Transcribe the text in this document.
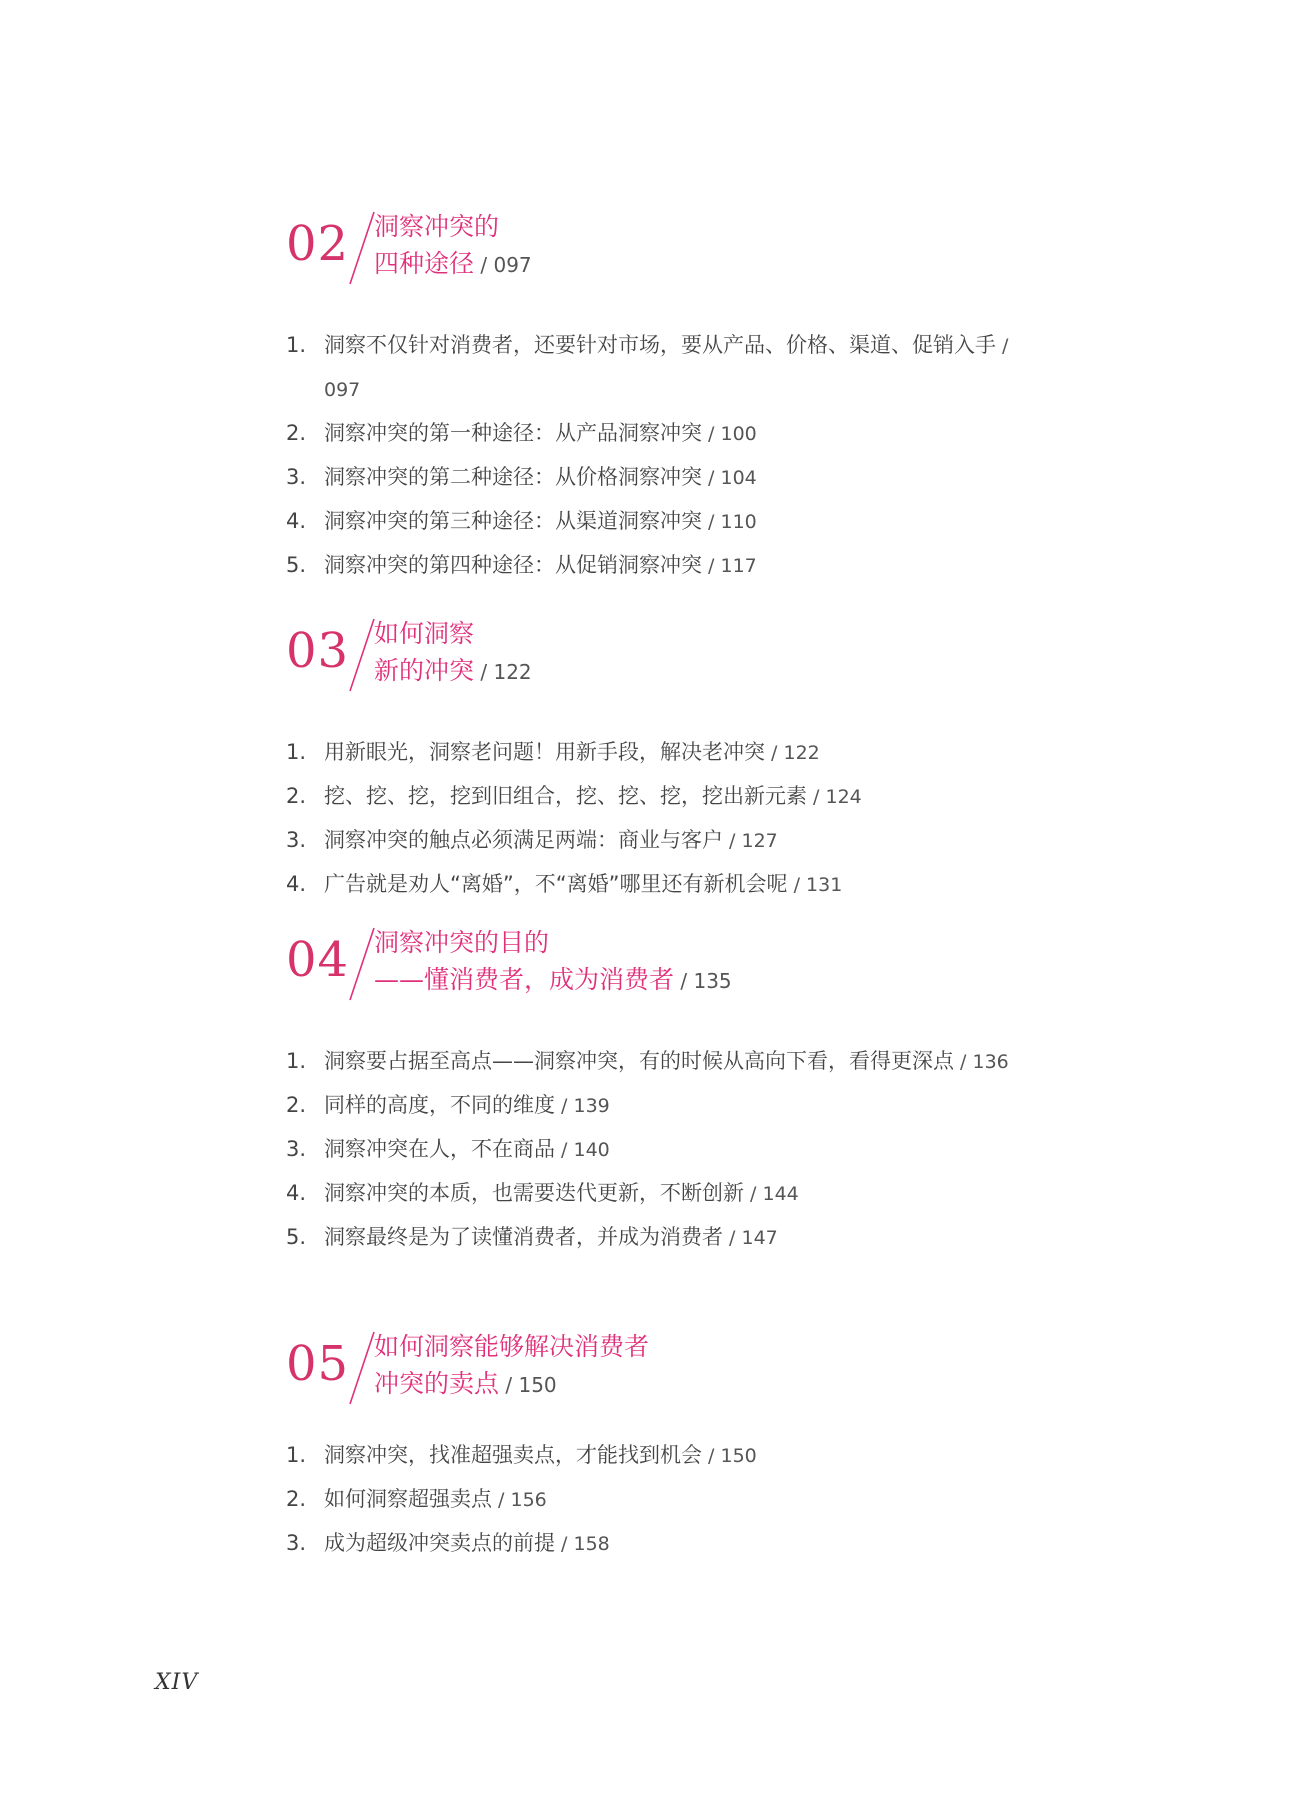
02 洞察冲突的
四种途径 / 097
1. 洞察不仅针对消费者，还要针对市场，要从产品、价格、渠道、促销入手 / 097
2. 洞察冲突的第一种途径：从产品洞察冲突 / 100
3. 洞察冲突的第二种途径：从价格洞察冲突 / 104
4. 洞察冲突的第三种途径：从渠道洞察冲突 / 110
5. 洞察冲突的第四种途径：从促销洞察冲突 / 117
03 如何洞察
新的冲突 / 122
1. 用新眼光，洞察老问题！用新手段，解决老冲突 / 122
2. 挖、挖、挖，挖到旧组合，挖、挖、挖，挖出新元素 / 124
3. 洞察冲突的触点必须满足两端：商业与客户 / 127
4. 广告就是劝人“离婚”，不“离婚”哪里还有新机会呢 / 131
04 洞察冲突的目的
——懂消费者，成为消费者 / 135
1. 洞察要占据至高点——洞察冲突，有的时候从高向下看，看得更深点 / 136
2. 同样的高度，不同的维度 / 139
3. 洞察冲突在人，不在商品 / 140
4. 洞察冲突的本质，也需要迭代更新，不断创新 / 144
5. 洞察最终是为了读懂消费者，并成为消费者 / 147
05 如何洞察能够解决消费者
冲突的卖点 / 150
1. 洞察冲突，找准超强卖点，才能找到机会 / 150
2. 如何洞察超强卖点 / 156
3. 成为超级冲突卖点的前提 / 158
XIV
